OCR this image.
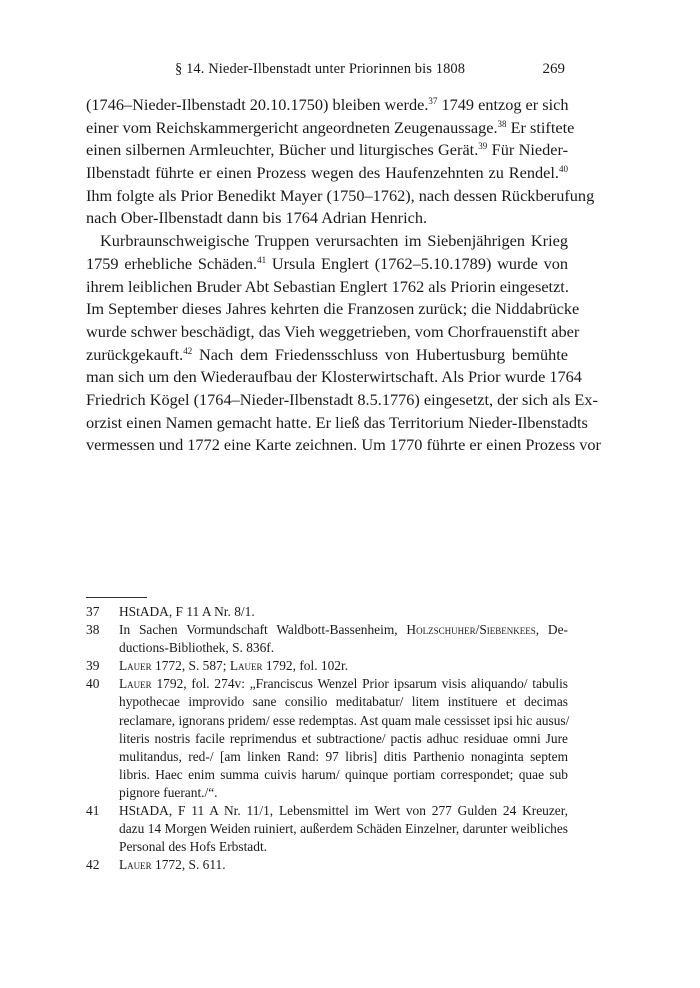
§ 14. Nieder-Ilbenstadt unter Priorinnen bis 1808	269
(1746–Nieder-Ilbenstadt 20.10.1750) bleiben werde.$^{37}$ 1749 entzog er sich
einer vom Reichskammergericht angeordneten Zeugenaussage.$^{38}$ Er stiftete
einen silbernen Armleuchter, Bücher und liturgisches Gerät.$^{39}$ Für Nieder-
Ilbenstadt führte er einen Prozess wegen des Haufenzehnten zu Rendel.$^{40}$
Ihm folgte als Prior Benedikt Mayer (1750–1762), nach dessen Rückberufung
nach Ober-Ilbenstadt dann bis 1764 Adrian Henrich.
Kurbraunschweigische Truppen verursachten im Siebenjährigen Krieg
1759 erhebliche Schäden.$^{41}$ Ursula Englert (1762–5.10.1789) wurde von
ihrem leiblichen Bruder Abt Sebastian Englert 1762 als Priorin eingesetzt.
Im September dieses Jahres kehrten die Franzosen zurück; die Niddabrücke
wurde schwer beschädigt, das Vieh weggetrieben, vom Chorfrauenstift aber
zurückgekauft.$^{42}$ Nach dem Friedensschluss von Hubertusburg bemühte
man sich um den Wiederaufbau der Klosterwirtschaft. Als Prior wurde 1764
Friedrich Kögel (1764–Nieder-Ilbenstadt 8.5.1776) eingesetzt, der sich als Ex-
orzist einen Namen gemacht hatte. Er ließ das Territorium Nieder-Ilbenstadts
vermessen und 1772 eine Karte zeichnen. Um 1770 führte er einen Prozess vor
37	HStADA, F 11 A Nr. 8/1.
38	In Sachen Vormundschaft Waldbott-Bassenheim, Holzschuher/Siebenkees, De-
ductions-Bibliothek, S. 836f.
39	Lauer 1772, S. 587; Lauer 1792, fol. 102r.
40	Lauer 1792, fol. 274v: „Franciscus Wenzel Prior ipsarum visis aliquando/ tabulis
hypothecae improvido sane consilio meditabatur/ litem instituere et decimas
reclamare, ignorans pridem/ esse redemptas. Ast quam male cessisset ipsi hic ausus/
literis nostris facile reprimendus et subtractione/ pactis adhuc residuae omni Jure
mulitandus, red-/ [am linken Rand: 97 libris] ditis Parthenio nonaginta septem
libris. Haec enim summa cuivis harum/ quinque portiam correspondet; quae sub
pignore fuerant./“.
41	HStADA, F 11 A Nr. 11/1, Lebensmittel im Wert von 277 Gulden 24 Kreuzer,
dazu 14 Morgen Weiden ruiniert, außerdem Schäden Einzelner, darunter weibliches
Personal des Hofs Erbstadt.
42	Lauer 1772, S. 611.
